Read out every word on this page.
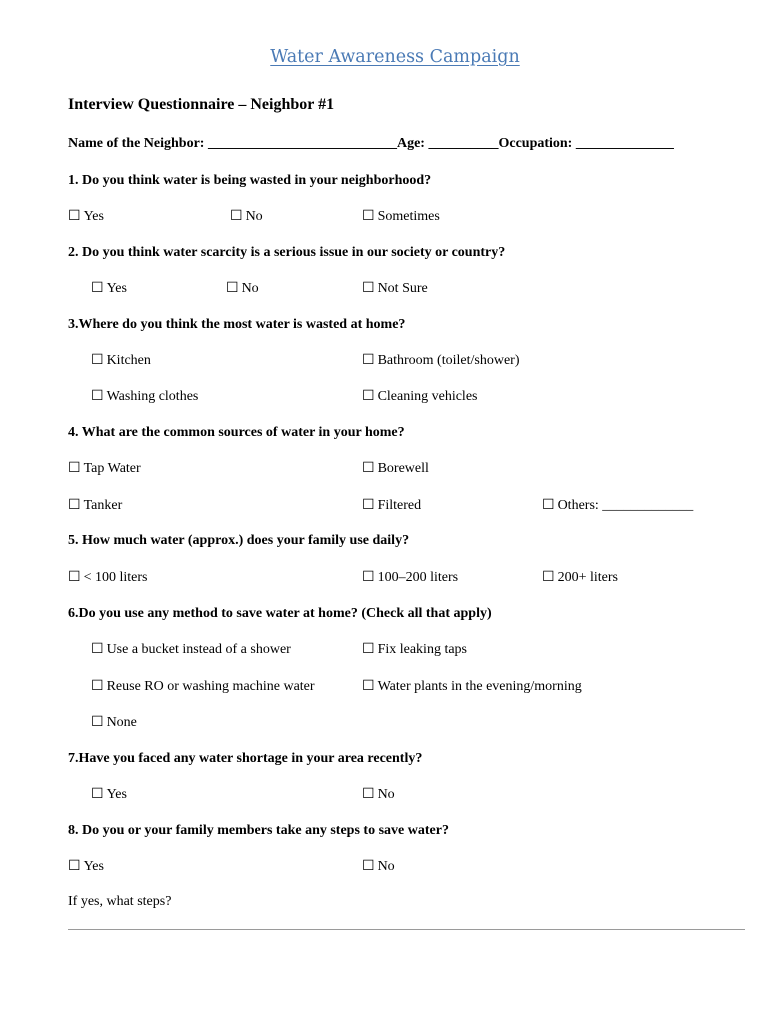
Water Awareness Campaign
Interview Questionnaire – Neighbor #1
Name of the Neighbor: ___________________________Age: __________Occupation: ______________
1. Do you think water is being wasted in your neighborhood?
☐ Yes	☐ No	☐ Sometimes
2. Do you think water scarcity is a serious issue in our society or country?
☐ Yes	☐ No	☐ Not Sure
3.Where do you think the most water is wasted at home?
☐ Kitchen	☐ Bathroom (toilet/shower)
☐ Washing clothes	☐ Cleaning vehicles
4. What are the common sources of water in your home?
☐ Tap Water	☐ Borewell
☐ Tanker	☐ Filtered	☐ Others: _____________
5. How much water (approx.) does your family use daily?
☐ < 100 liters	☐ 100–200 liters	☐ 200+ liters
6.Do you use any method to save water at home? (Check all that apply)
☐ Use a bucket instead of a shower	☐ Fix leaking taps
☐ Reuse RO or washing machine water	☐ Water plants in the evening/morning
☐ None
7.Have you faced any water shortage in your area recently?
☐ Yes	☐ No
8. Do you or your family members take any steps to save water?
☐ Yes	☐ No
If yes, what steps?
